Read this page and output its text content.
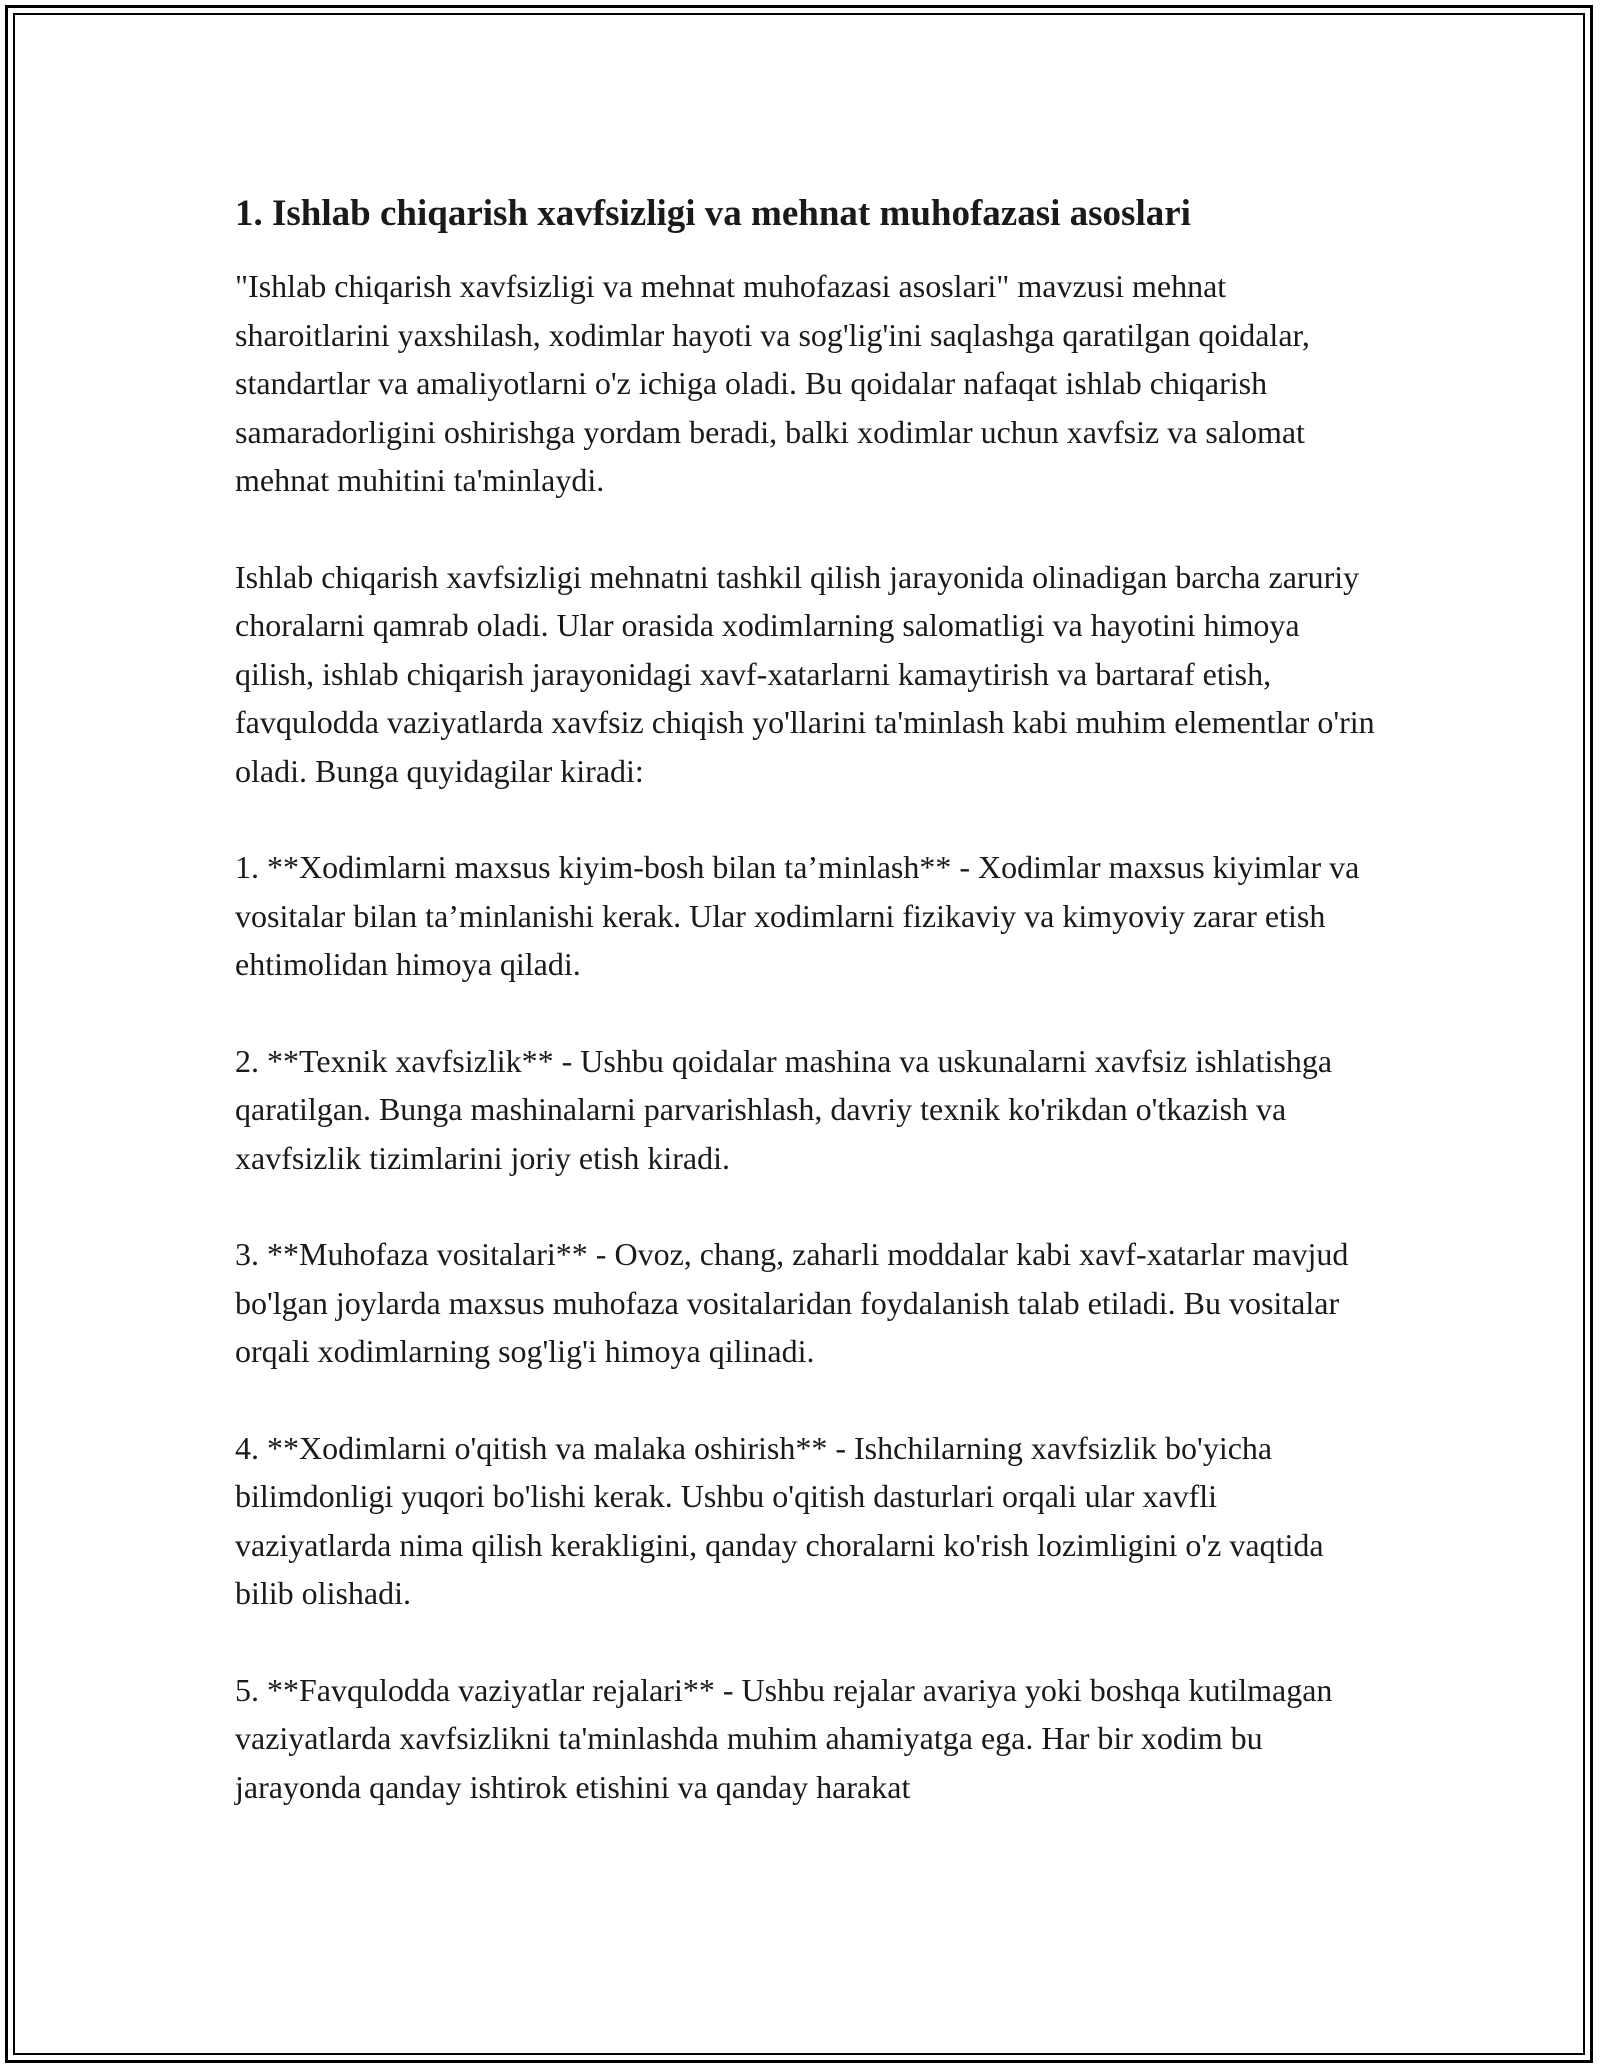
1. Ishlab chiqarish xavfsizligi va mehnat muhofazasi asoslari

"Ishlab chiqarish xavfsizligi va mehnat muhofazasi asoslari" mavzusi mehnat sharoitlarini yaxshilash, xodimlar hayoti va sog'lig'ini saqlashga qaratilgan qoidalar, standartlar va amaliyotlarni o'z ichiga oladi. Bu qoidalar nafaqat ishlab chiqarish samaradorligini oshirishga yordam beradi, balki xodimlar uchun xavfsiz va salomat mehnat muhitini ta'minlaydi.

Ishlab chiqarish xavfsizligi mehnatni tashkil qilish jarayonida olinadigan barcha zaruriy choralarni qamrab oladi. Ular orasida xodimlarning salomatligi va hayotini himoya qilish, ishlab chiqarish jarayonidagi xavf-xatarlarni kamaytirish va bartaraf etish, favqulodda vaziyatlarda xavfsiz chiqish yo'llarini ta'minlash kabi muhim elementlar o'rin oladi. Bunga quyidagilar kiradi:

1. **Xodimlarni maxsus kiyim-bosh bilan ta’minlash** - Xodimlar maxsus kiyimlar va vositalar bilan ta’minlanishi kerak. Ular xodimlarni fizikaviy va kimyoviy zarar etish ehtimolidan himoya qiladi.

2. **Texnik xavfsizlik** - Ushbu qoidalar mashina va uskunalarni xavfsiz ishlatishga qaratilgan. Bunga mashinalarni parvarishlash, davriy texnik ko'rikdan o'tkazish va xavfsizlik tizimlarini joriy etish kiradi.

3. **Muhofaza vositalari** - Ovoz, chang, zaharli moddalar kabi xavf-xatarlar mavjud bo'lgan joylarda maxsus muhofaza vositalaridan foydalanish talab etiladi. Bu vositalar orqali xodimlarning sog'lig'i himoya qilinadi.

4. **Xodimlarni o'qitish va malaka oshirish** - Ishchilarning xavfsizlik bo'yicha bilimdonligi yuqori bo'lishi kerak. Ushbu o'qitish dasturlari orqali ular xavfli vaziyatlarda nima qilish kerakligini, qanday choralarni ko'rish lozimligini o'z vaqtida bilib olishadi.

5. **Favqulodda vaziyatlar rejalari** - Ushbu rejalar avariya yoki boshqa kutilmagan vaziyatlarda xavfsizlikni ta'minlashda muhim ahamiyatga ega. Har bir xodim bu jarayonda qanday ishtirok etishini va qanday harakat
